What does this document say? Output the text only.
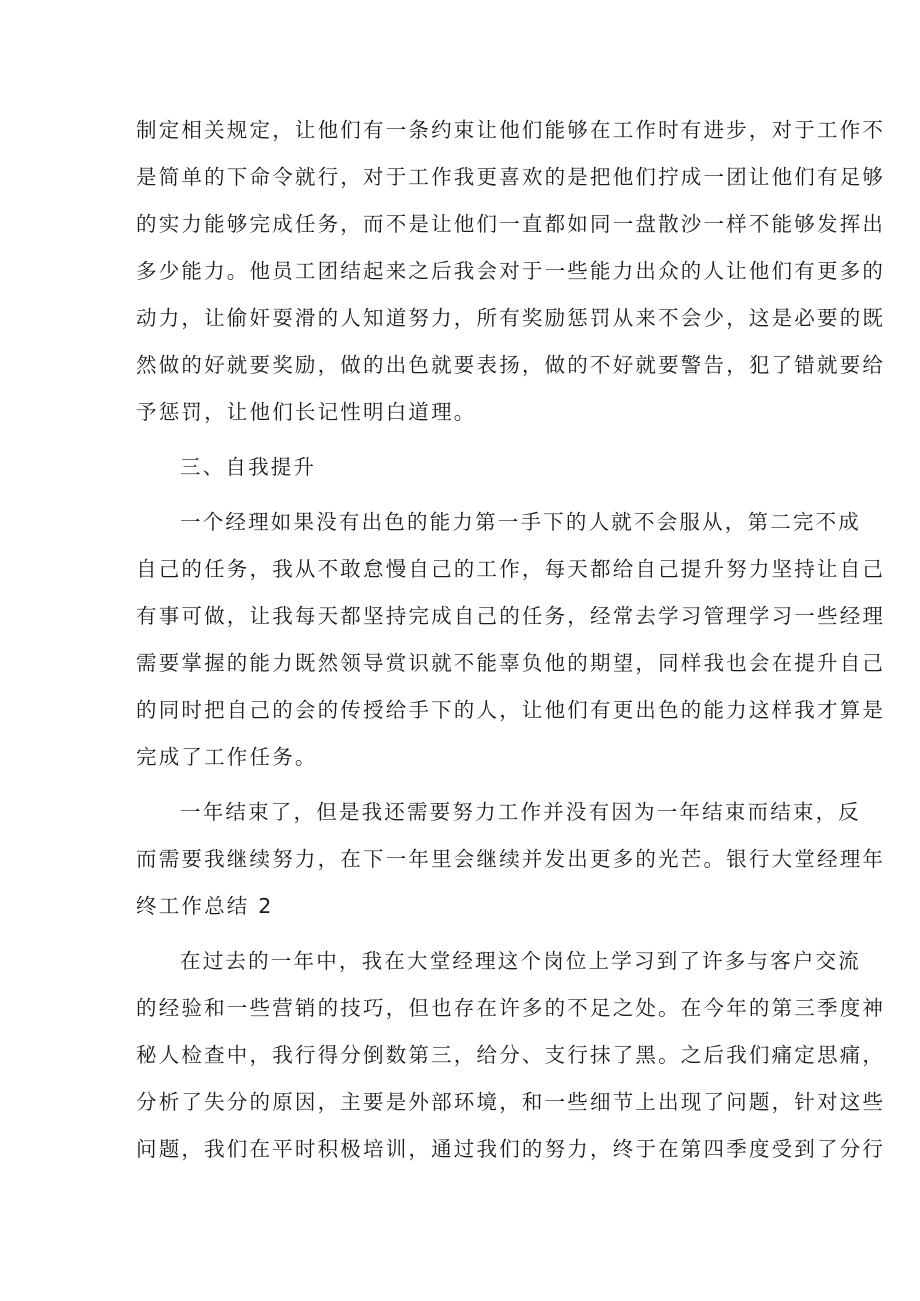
制定相关规定，让他们有一条约束让他们能够在工作时有进步，对于工作不
是简单的下命令就行，对于工作我更喜欢的是把他们拧成一团让他们有足够
的实力能够完成任务，而不是让他们一直都如同一盘散沙一样不能够发挥出
多少能力。他员工团结起来之后我会对于一些能力出众的人让他们有更多的
动力，让偷奸耍滑的人知道努力，所有奖励惩罚从来不会少，这是必要的既
然做的好就要奖励，做的出色就要表扬，做的不好就要警告，犯了错就要给
予惩罚，让他们长记性明白道理。
三、自我提升
一个经理如果没有出色的能力第一手下的人就不会服从，第二完不成
自己的任务，我从不敢怠慢自己的工作，每天都给自己提升努力坚持让自己
有事可做，让我每天都坚持完成自己的任务，经常去学习管理学习一些经理
需要掌握的能力既然领导赏识就不能辜负他的期望，同样我也会在提升自己
的同时把自己的会的传授给手下的人，让他们有更出色的能力这样我才算是
完成了工作任务。
一年结束了，但是我还需要努力工作并没有因为一年结束而结束，反
而需要我继续努力，在下一年里会继续并发出更多的光芒。银行大堂经理年
终工作总结 2
在过去的一年中，我在大堂经理这个岗位上学习到了许多与客户交流
的经验和一些营销的技巧，但也存在许多的不足之处。在今年的第三季度神
秘人检查中，我行得分倒数第三，给分、支行抹了黑。之后我们痛定思痛，
分析了失分的原因，主要是外部环境，和一些细节上出现了问题，针对这些
问题，我们在平时积极培训，通过我们的努力，终于在第四季度受到了分行
